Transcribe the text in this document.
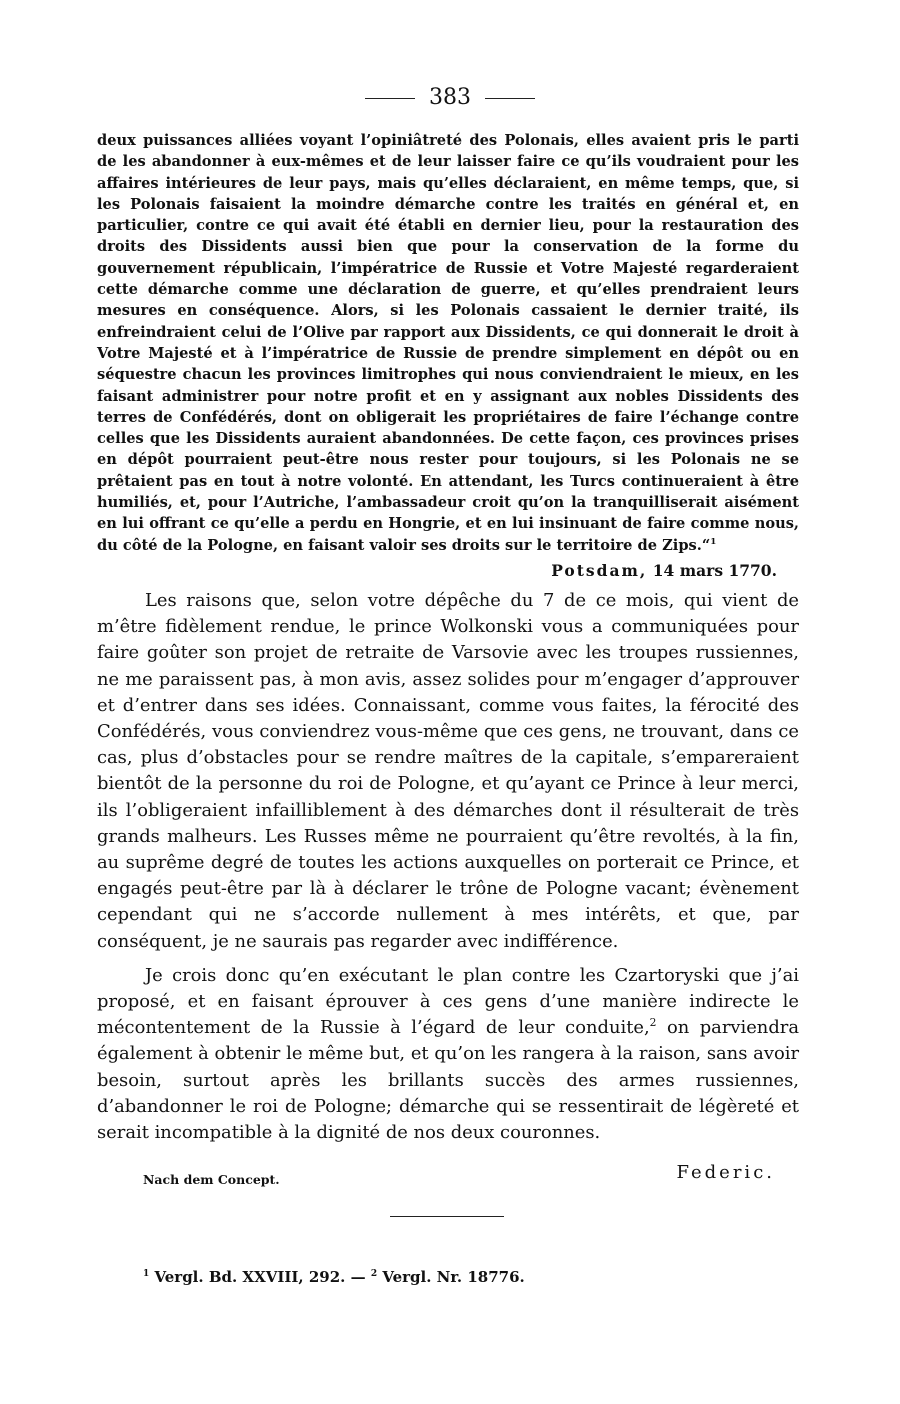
383
deux puissances alliées voyant l’opiniâtreté des Polonais, elles avaient pris le parti de les abandonner à eux-mêmes et de leur laisser faire ce qu’ils voudraient pour les affaires intérieures de leur pays, mais qu’elles déclaraient, en même temps, que, si les Polonais faisaient la moindre démarche contre les traités en général et, en particulier, contre ce qui avait été établi en dernier lieu, pour la restauration des droits des Dissidents aussi bien que pour la conservation de la forme du gouvernement républicain, l’impératrice de Russie et Votre Majesté regarderaient cette démarche comme une déclaration de guerre, et qu’elles prendraient leurs mesures en conséquence. Alors, si les Polonais cassaient le dernier traité, ils enfreindraient celui de l’Olive par rapport aux Dissidents, ce qui donnerait le droit à Votre Majesté et à l’impératrice de Russie de prendre simplement en dépôt ou en séquestre chacun les provinces limitrophes qui nous conviendraient le mieux, en les faisant administrer pour notre profit et en y assignant aux nobles Dissidents des terres de Confédérés, dont on obligerait les propriétaires de faire l’échange contre celles que les Dissidents auraient abandonnées. De cette façon, ces provinces prises en dépôt pourraient peut-être nous rester pour toujours, si les Polonais ne se prêtaient pas en tout à notre volonté. En attendant, les Turcs continueraient à être humiliés, et, pour l’Autriche, l’ambassadeur croit qu’on la tranquilliserait aisément en lui offrant ce qu’elle a perdu en Hongrie, et en lui insinuant de faire comme nous, du côté de la Pologne, en faisant valoir ses droits sur le territoire de Zips.“$^1$
Potsdam, 14 mars 1770.

Les raisons que, selon votre dépêche du 7 de ce mois, qui vient de m’être fidèlement rendue, le prince Wolkonski vous a communiquées pour faire goûter son projet de retraite de Varsovie avec les troupes russiennes, ne me paraissent pas, à mon avis, assez solides pour m’engager d’approuver et d’entrer dans ses idées. Connaissant, comme vous faites, la férocité des Confédérés, vous conviendrez vous-même que ces gens, ne trouvant, dans ce cas, plus d’obstacles pour se rendre maîtres de la capitale, s’empareraient bientôt de la personne du roi de Pologne, et qu’ayant ce Prince à leur merci, ils l’obligeraient infailliblement à des démarches dont il résulterait de très grands malheurs. Les Russes même ne pourraient qu’être revoltés, à la fin, au suprême degré de toutes les actions auxquelles on porterait ce Prince, et engagés peut-être par là à déclarer le trône de Pologne vacant; évènement cependant qui ne s’accorde nullement à mes intérêts, et que, par conséquent, je ne saurais pas regarder avec indifférence.

Je crois donc qu’en exécutant le plan contre les Czartoryski que j’ai proposé, et en faisant éprouver à ces gens d’une manière indirecte le mécontentement de la Russie à l’égard de leur conduite,$^2$ on parviendra également à obtenir le même but, et qu’on les rangera à la raison, sans avoir besoin, surtout après les brillants succès des armes russiennes, d’abandonner le roi de Pologne; démarche qui se ressentirait de légèreté et serait incompatible à la dignité de nos deux couronnes.

Nach dem Concept.	Federic.
$^1$ Vergl. Bd. XXVIII, 292. — $^2$ Vergl. Nr. 18776.
